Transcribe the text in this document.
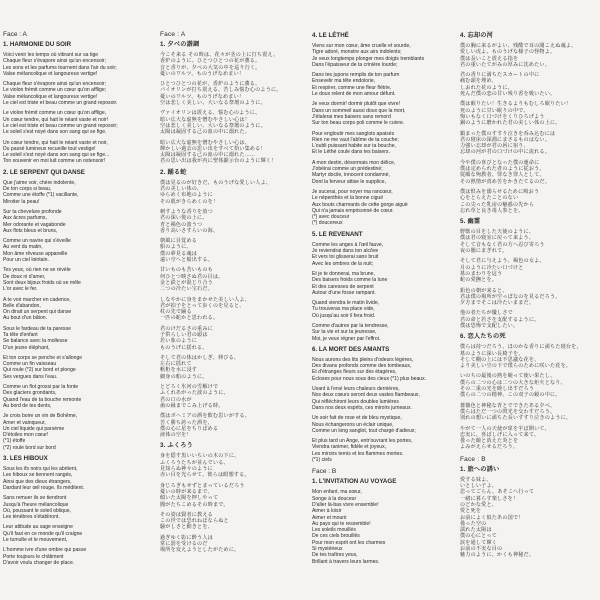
Face : A
1. HARMONIE DU SOIR
Voici venir les temps où vibrant sur sa tige
Chaque fleur s'évapore ainsi qu'un encensoir;
Les sons et les parfums tournent dans l'air du soir;
Valse mélancolique et langoureux vertige!
Chaque fleur s'évapore ainsi qu'un encensoir;
Le violon frémit comme un cœur qu'on afflige;
Valse mélancolique et langoureux vertige!
Le ciel est triste et beau comme un grand reposoir.
Le violon frémit comme un cœur qu'on afflige,
Un cœur tendre, qui hait le néant vaste et noir!
Le ciel est triste et beau comme un grand reposoir;
Le soleil s'est noyé dans son sang qui se fige.
Un cœur tendre, qui hait le néant vaste et noir,
Du passé lumineux recueille tout vestige!
Le soleil s'est noyé dans son sang qui se fige...
Ton souvenir en moi luit comme un ostensoir!
2. LE SERPENT QUI DANSE
Que j'aime voir, chère indolente,
De ton corps si beau,
Comme une étoffe (*1) vacillante,
Miroiter la peau!
Sur ta chevelure profonde
Aux âcres parfums,
Mer odorante et vagabonde
Aux flots bleus et bruns,
Comme un navire qui s'éveille
Au vent du matin,
Mon âme rêveuse appareille
Pour un ciel lointain.
Tes yeux, où rien ne se révèle
De doux ni d'amer,
Sont deux bijoux froids où se mêle
L'or avec le fer.
A te voir marcher en cadence,
Belle d'abandon,
On dirait un serpent qui danse
Au bout d'un bâton.
Sous le fardeau de ta paresse
Ta tête d'enfant
Se balance avec la mollesse
D'un jeune éléphant,
Et ton corps se penche et s'allonge
Comme un fin vaisseau
Qui roule (*2) sur bord et plonge
Ses vergues dans l'eau.
Comme un flot grossi par la fonte
Des glaciers grondants,
Quand l'eau de ta bouche remonte
Au bord de tes dents,
Je crois boire un vin de Bohême,
Amer et vainqueur,
Un ciel liquide qui parsème
D'étoiles mon cœur!
(*1) étoffe
(*2) roule bord sur bord
3. LES HIBOUX
Sous les ifs noirs qui les abritent,
Les hiboux se tiennent rangés,
Ainsi que des dieux étrangers,
Dardant leur œil rouge. Ils méditent.
Sans remuer ils se tiendront
Jusqu'à l'heure mélancolique
Où, poussant le soleil oblique,
Les ténèbres s'établiront.
Leur attitude au sage enseigne
Qu'il faut en ce monde qu'il craigne
Le tumulte et le mouvement,
L'homme ivre d'une ombre qui passe
Porte toujours le châtiment
D'avoir voulu changer de place.
Face : A
1. 夕べの諧調
今こそ来る その時は、花々が茎の上に打ち震え、
香炉のように、ひとつひとつの花が薫る。
音と香りが、夕べの大気の中を巡り行く。
憂いのワルツ、ものうげなめまい！
ひとつひとつの花が、香炉のように薫る。
バイオリンが打ち震える、苦しみ悩む心のように。
憂いのワルツ、ものうげなめまい！
空は悲しく美しい、大いなる祭壇のように。
ヴァイオリンは震える、悩む心のように、
暗い広大な虚無を憎むやさしい心は！
空は悲しく美しい、大いなる祭壇のように。
太陽は凝固する己の血の中に溺れた。
暗い広大な虚無を憎むやさしい心は、
輝かしい過去の思い出をすべて拾い集める！
太陽は凝固する己の血の中に溺れた……
君の思い出は我が内に聖体顕示台のように輝く！
2. 踊る蛇
僕は見るのが好きだ、ものうげな愛しい人よ、
君の美しい体の、
ゆらめく布地のように
その肌がきらめくのを！
刺すような香りを放つ
君の深い髪の上に、
青と褐色の波うつ
香り高いさすらいの海、
朝風に目覚める
船のように、
僕の夢見る魂は
遠い空へと船出する。
甘いものも苦いものも
何ひとつ映さぬ君の目は、
金と鉄とが混じり合う
二つの冷たい宝石だ。
しなやかに身をまかせた美しい人よ、
君が拍子をとって歩くのを見ると、
杖の先で踊る
一匹の蛇かと思われる。
君のけだるさの重みに
子供らしい君の頭は
若い象のように
ものうげに揺れる、
そして君の体はかしぎ、伸びる、
左右に揺れて
帆桁を水に浸す
細身の船のように。
とどろく氷河の雪解けで
ふくれあがった波のように、
君の口の水が
歯の縁までこみ上げる時、
僕はボヘミアの酒を飲む思いがする、
苦く勝ち誇った酒を、
僕の心に星をちりばめる
液体の空を！
3. ふくろう
身を隠す黒いいちいの木の下に、
ふくろうたちが並んでいる、
見知らぬ神々のように
赤い目を光らせて。彼らは瞑想する。
身じろぎもせずとまっているだろう
憂いの時が来るまで、
傾いた太陽を押しやって
闇がたちこめるその時まで。
その姿は賢者に教える
この世では恐れねばならぬと
騒がしさと動きとを、
過ぎゆく影に酔う人は
常に罰を受けるのだ
場所を変えようとしたがために。
4. LE LÉTHÉ
Viens sur mon cœur, âme cruelle et sourde,
Tigre adoré, monstre aux airs indolents;
Je veux longtemps plonger mes doigts tremblants
Dans l'épaisseur de ta crinière lourde;
Dans tes jupons remplis de ton parfum
Ensevelir ma tête endolorie,
Et respirer, comme une fleur flétrie,
Le doux relent de mon amour défunt.
Je veux dormir! dormir plutôt que vivre!
Dans un sommeil aussi doux que la mort,
J'étalerai mes baisers sans remord
Sur ton beau corps poli comme le cuivre.
Pour engloutir mes sanglots apaisés
Rien ne me vaut l'abîme de ta couche;
L'oubli puissant habite sur ta bouche,
Et le Léthé coule dans tes baisers.
A mon destin, désormais mon délice,
J'obéirai comme un prédestiné;
Martyr docile, innocent condamné,
Dont la ferveur attise le supplice,
Je sucerai, pour noyer ma rancœur,
Le népenthès et la bonne ciguë
Aux bouts charmants de cette gorge aiguë
Qui n'a jamais emprisonné de cœur.
(*) avec douceur
(*) doucereux
5. LE REVENANT
Comme les anges à l'œil fauve,
Je reviendrai dans ton alcôve
Et vers toi glisserai sans bruit
Avec les ombres de la nuit;
Et je te donnerai, ma brune,
Des baisers froids comme la lune
Et des caresses de serpent
Autour d'une fosse rampant.
Quand viendra le matin livide,
Tu trouveras ma place vide,
Où jusqu'au soir il fera froid.
Comme d'autres par la tendresse,
Sur ta vie et sur ta jeunesse,
Moi, je veux régner par l'effroi.
6. LA MORT DES AMANTS
Nous aurons des lits pleins d'odeurs légères,
Des divans profonds comme des tombeaux,
Et d'étranges fleurs sur des étagères,
Écloses pour nous sous des cieux (*1) plus beaux.
Usant à l'envi leurs chaleurs dernières,
Nos deux cœurs seront deux vastes flambeaux,
Qui réfléchiront leurs doubles lumières
Dans nos deux esprits, ces miroirs jumeaux.
Un soir fait de rose et de bleu mystique,
Nous échangerons un éclair unique,
Comme un long sanglot, tout chargé d'adieux;
Et plus tard un Ange, entr'ouvrant les portes,
Viendra ranimer, fidèle et joyeux,
Les miroirs ternis et les flammes mortes.
(*1) ciels
Face : B
1. L'INVITATION AU VOYAGE
Mon enfant, ma sœur,
Songe à la douceur
D'aller là-bas vivre ensemble!
Aimer à loisir
Aimer et mourir
Au pays qui te ressemble!
Les soleils mouillés
De ces ciels brouillés
Pour mon esprit ont les charmes
Si mystérieux
De tes traîtres yeux,
Brillant à travers leurs larmes.
4. 忘却の河
僕の胸に来るがよい、残酷で耳の聞こえぬ魂よ、
愛しい虎よ、ものうげな様子の怪物よ、
僕は長いこと震える指を
君の重いたてがみの厚みに沈めたい。
君の香りに満ちたスカートの中に
痛む頭を埋め、
しおれた花のように、
死んだ僕の恋の甘い残り香を吸いたい。
僕は眠りたい！生きるよりもむしろ眠りたい！
死のように甘い眠りの中で、
悔いもなく口づけをくりひろげよう
銅のように磨かれた君の美しい体の上に。
鎮まった僕のすすり泣きを呑み込むには
君の寝床の深淵にまさるものはない。
力強い忘却が君の唇に宿り、
忘却の河が君の口づけの中に流れる。
今や僕の喜びとなった僕の運命に
僕は定められた者のように従おう。
従順な殉教者、罪なき罪人として、
その熱情が責め苦をかきたてるのだ。
僕は恨みを溺らせるために吸おう
心をとらえたことのない
この尖った乳房の魅惑の先から
忘れ草と良き毒人参とを。
5. 幽霊
野獣の目をした天使のように、
僕は君の寝室に戻って来よう、
そして音もなく君の方へ忍び寄ろう
夜の闇にまぎれて。
そして君に与えよう、褐色の女よ、
月のように冷たい口づけと
墓のまわりを這う
蛇の愛撫とを。
鉛色の朝が来ると、
君は僕の場所が空っぽなのを見るだろう、
夕方までそこは冷たいままだ。
他の者たちが優しさで
君の命と若さを支配するように、
僕は恐怖で支配したい。
6. 恋人たちの死
僕らは持つだろう、ほのかな香りに満ちた寝台を、
墓のように深い長椅子を、
そして棚の上には不思議な花を、
より美しい空の下で僕らのために咲いた花を。
いのちの最後の熱を競って使い果たし、
僕らの二つの心は二つの大きな炬火となり、
その二重の光を映し出すだろう
僕らの二つの精神、この双子の鏡の中に。
薔薇色と神秘な青とでできたある夕べ、
僕らはただ一つの閃光を交わすだろう、
別れの想いに満ちた長いすすり泣きのように。
やがて一人の天使が扉を半ば開いて、
忠実に、喜ばしげに入って来て、
曇った鏡と消えた炎とを
よみがえらせるだろう。
Face : B
1. 旅への誘い
愛する妹よ、
いとしい子よ、
思ってごらん、あそこへ行って
一緒に暮らす楽しさを！
のどかな愛と、
愛と死を
お前によく似たあの国で！
曇った空の
濡れた太陽は
僕の心にとって
涙を通して輝く
お前の不実な目の
魅力のように、かくも神秘だ。
